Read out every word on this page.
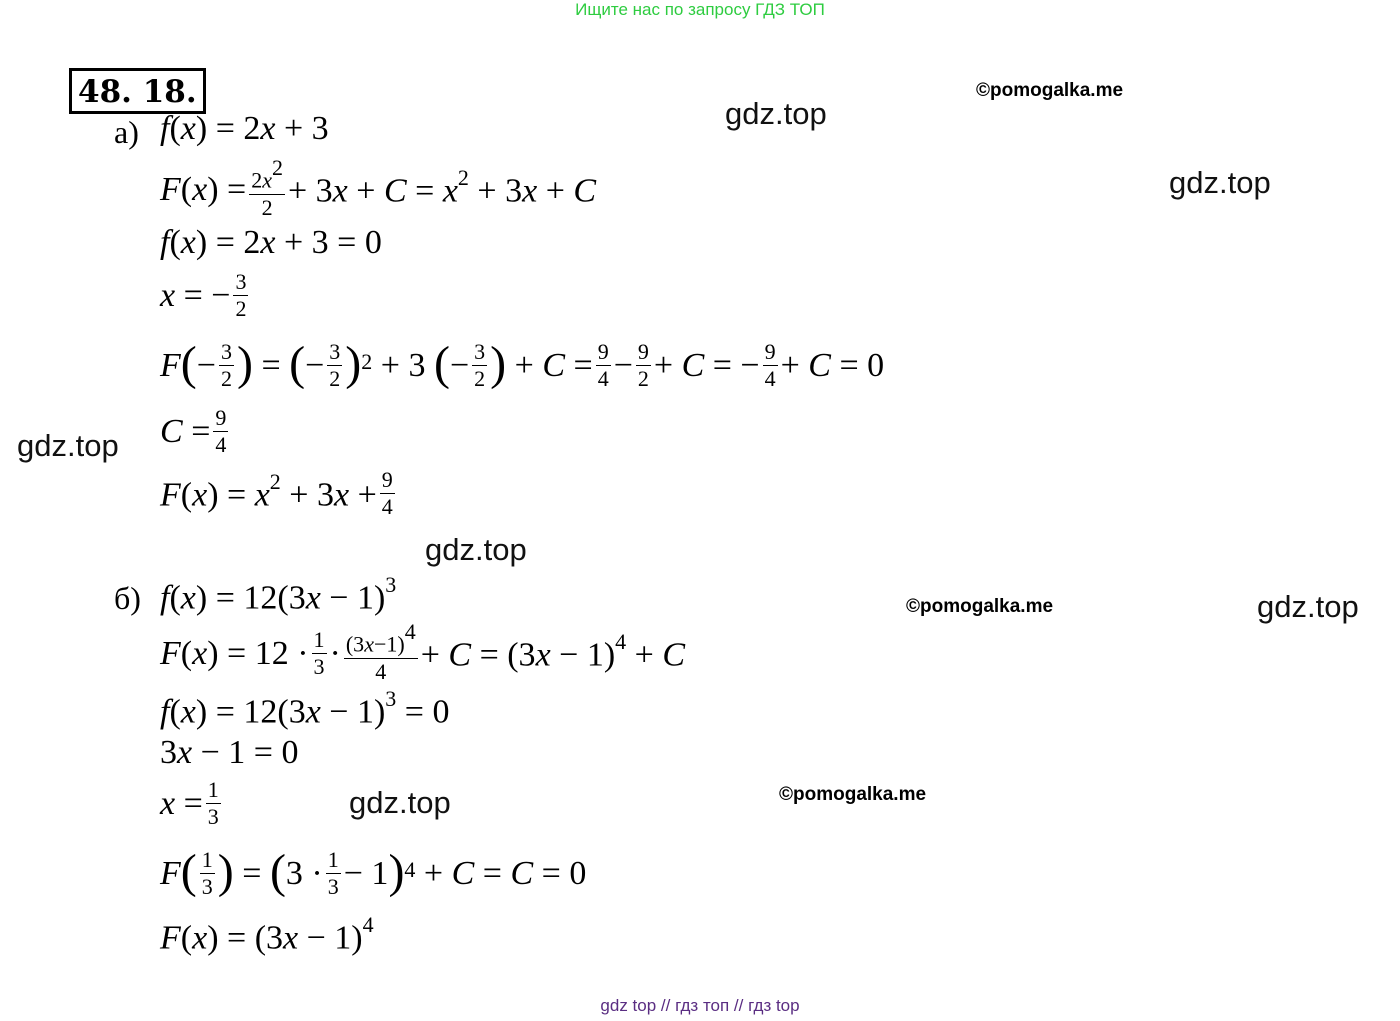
Ищите нас по запросу ГДЗ ТОП
48. 18.	©pomogalka.me
gdz.top
gdz.top
gdz.top
gdz.top
©pomogalka.me	gdz.top
gdz.top	©pomogalka.me
а) f(x) = 2x + 3
$F(x) = \frac{2x^2}{2} + 3x + C = x^2 + 3x + C$
f(x) = 2x + 3 = 0
x = − $\frac{3}{2}$
F ( − $\frac{3}{2}$ ) = ( − $\frac{3}{2} )^2 + 3$ ( − $\frac{3}{2}$ ) + $C = \frac{9}{4} - \frac{9}{2} + C$ = − $\frac{9}{4} + C = 0$
$C = \frac{9}{4}$
$F(x) = x^2 + 3x + \frac{9}{4}$
б) $f(x) = 12(3x - 1)^3$
$F(x) = 12 \cdot \frac{1}{3} \cdot \frac{(3x-1)^4}{4} + C = (3x - 1)^4 + C$
$f(x) = 12(3x - 1)^3 = 0$
3x − 1 = 0
$x = \frac{1}{3}$
F ( $\frac{1}{3}$ ) = ( $3 \cdot \frac{1}{3} - 1$ )$^4$ + C = C = 0
$F(x) = (3x - 1)^4$
gdz top // гдз топ // гдз top
